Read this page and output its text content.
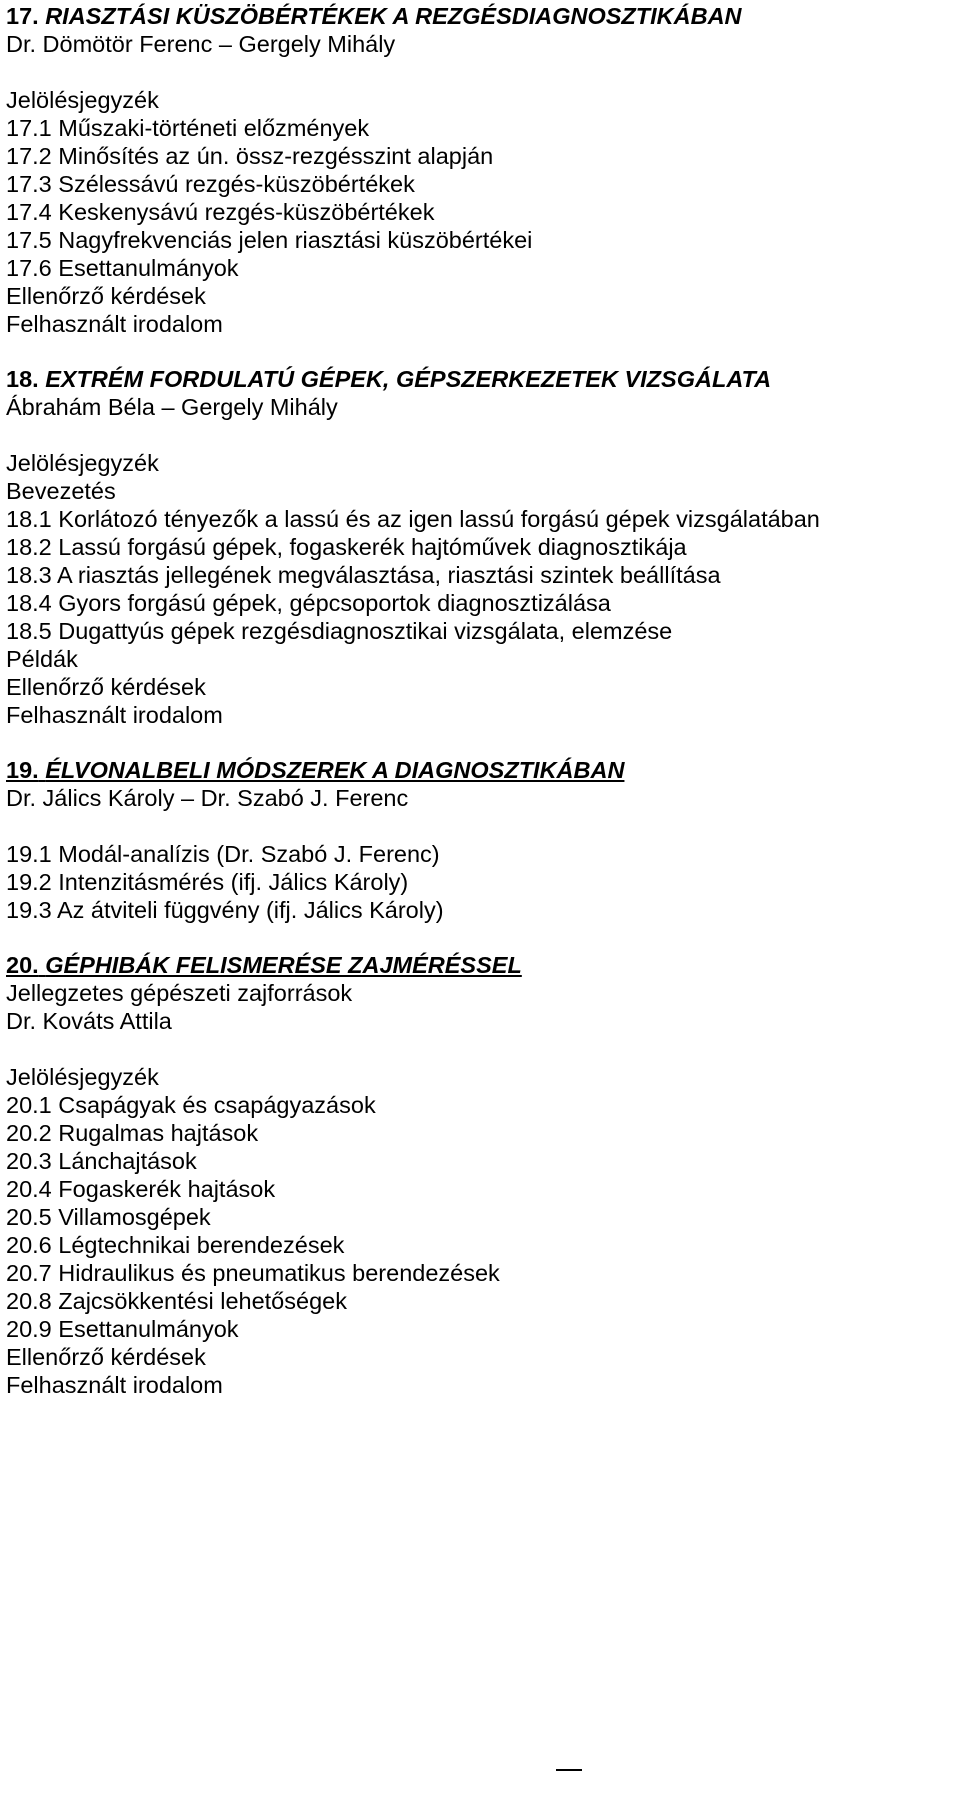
17. RIASZTÁSI KÜSZÖBÉRTÉKEK A REZGÉSDIAGNOSZTIKÁBAN
Dr. Dömötör Ferenc – Gergely Mihály
Jelölésjegyzék
17.1 Műszaki-történeti előzmények
17.2 Minősítés az ún. össz-rezgésszint alapján
17.3 Szélessávú rezgés-küszöbértékek
17.4 Keskenysávú rezgés-küszöbértékek
17.5 Nagyfrekvenciás jelen riasztási küszöbértékei
17.6 Esettanulmányok
Ellenőrző kérdések
Felhasznált irodalom
18. EXTRÉM FORDULATÚ GÉPEK, GÉPSZERKEZETEK VIZSGÁLATA
Ábrahám Béla – Gergely Mihály
Jelölésjegyzék
Bevezetés
18.1 Korlátozó tényezők a lassú és az igen lassú forgású gépek vizsgálatában
18.2 Lassú forgású gépek, fogaskerék hajtóművek diagnosztikája
18.3 A riasztás jellegének megválasztása, riasztási szintek beállítása
18.4 Gyors forgású gépek, gépcsoportok diagnosztizálása
18.5 Dugattyús gépek rezgésdiagnosztikai vizsgálata, elemzése
Példák
Ellenőrző kérdések
Felhasznált irodalom
19. ÉLVONALBELI MÓDSZEREK A DIAGNOSZTIKÁBAN
Dr. Jálics Károly – Dr. Szabó J. Ferenc
19.1 Modál-analízis (Dr. Szabó J. Ferenc)
19.2 Intenzitásmérés (ifj. Jálics Károly)
19.3 Az átviteli függvény (ifj. Jálics Károly)
20. GÉPHIBÁK FELISMERÉSE ZAJMÉRÉSSEL
Jellegzetes gépészeti zajforrások
Dr. Kováts Attila
Jelölésjegyzék
20.1 Csapágyak és csapágyazások
20.2 Rugalmas hajtások
20.3 Lánchajtások
20.4 Fogaskerék hajtások
20.5 Villamosgépek
20.6 Légtechnikai berendezések
20.7 Hidraulikus és pneumatikus berendezések
20.8 Zajcsökkentési lehetőségek
20.9 Esettanulmányok
Ellenőrző kérdések
Felhasznált irodalom
